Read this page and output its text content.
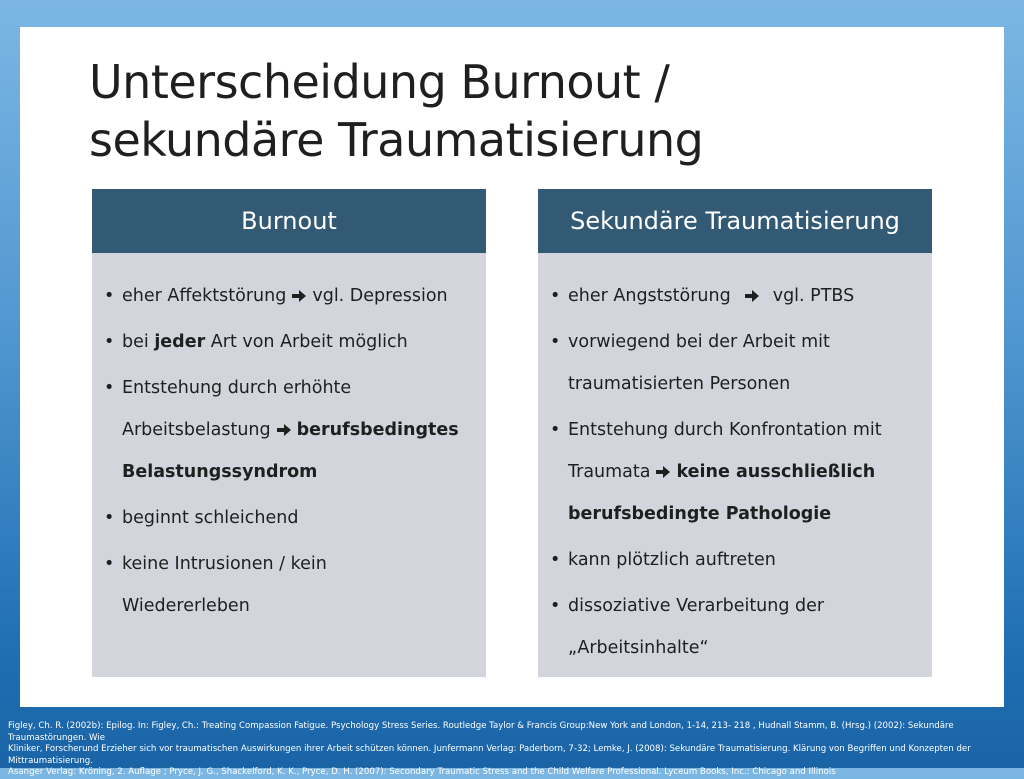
Unterscheidung Burnout /
sekundäre Traumatisierung
Burnout
• eher Affektstörung vgl. Depression
• bei jeder Art von Arbeit möglich
• Entstehung durch erhöhte
Arbeitsbelastung berufsbedingtes
Belastungssyndrom
• beginnt schleichend
• keine Intrusionen / kein
Wiedererleben
Sekundäre Traumatisierung
• eher Angststörung vgl. PTBS
• vorwiegend bei der Arbeit mit
traumatisierten Personen
• Entstehung durch Konfrontation mit
Traumata keine ausschließlich
berufsbedingte Pathologie
• kann plötzlich auftreten
• dissoziative Verarbeitung der
„Arbeitsinhalte“
Figley, Ch. R. (2002b): Epilog. In: Figley, Ch.: Treating Compassion Fatigue. Psychology Stress Series. Routledge Taylor & Francis Group:New York and London, 1-14, 213- 218 , Hudnall Stamm, B. (Hrsg.) (2002): Sekundäre Traumastörungen. Wie
Kliniker, Forscherund Erzieher sich vor traumatischen Auswirkungen ihrer Arbeit schützen können. Junfermann Verlag: Paderborn, 7-32; Lemke, J. (2008): Sekundäre Traumatisierung. Klärung von Begriffen und Konzepten der Mittraumatisierung.
Asanger Verlag: Kröning, 2. Auflage ; Pryce, J. G., Shackelford, K. K., Pryce, D. H. (2007): Secondary Traumatic Stress and the Child Welfare Professional. Lyceum Books, Inc.: Chicago and Illinois
